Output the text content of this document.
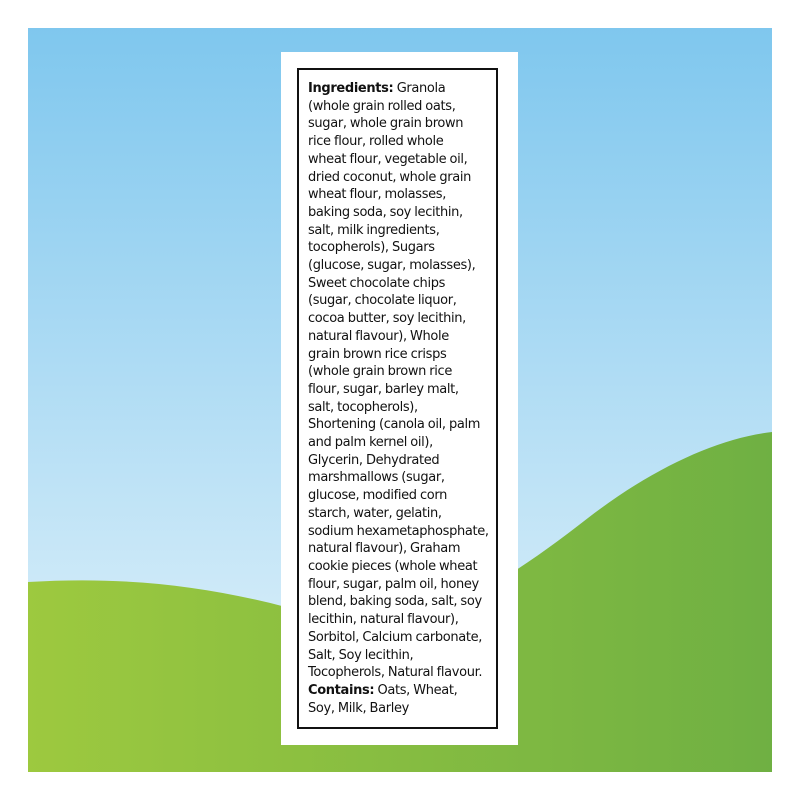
Ingredients: Granola

(whole grain rolled oats,

sugar, whole grain brown

rice flour, rolled whole

wheat flour, vegetable oil,

dried coconut, whole grain

wheat flour, molasses,

baking soda, soy lecithin,

salt, milk ingredients,

tocopherols), Sugars

(glucose, sugar, molasses),

Sweet chocolate chips

(sugar, chocolate liquor,

cocoa butter, soy lecithin,

natural flavour), Whole

grain brown rice crisps

(whole grain brown rice

flour, sugar, barley malt,

salt, tocopherols),

Shortening (canola oil, palm

and palm kernel oil),

Glycerin, Dehydrated

marshmallows (sugar,

glucose, modified corn

starch, water, gelatin,

sodium hexametaphosphate,

natural flavour), Graham

cookie pieces (whole wheat

flour, sugar, palm oil, honey

blend, baking soda, salt, soy

lecithin, natural flavour),

Sorbitol, Calcium carbonate,

Salt, Soy lecithin,

Tocopherols, Natural flavour.

Contains: Oats, Wheat,

Soy, Milk, Barley
